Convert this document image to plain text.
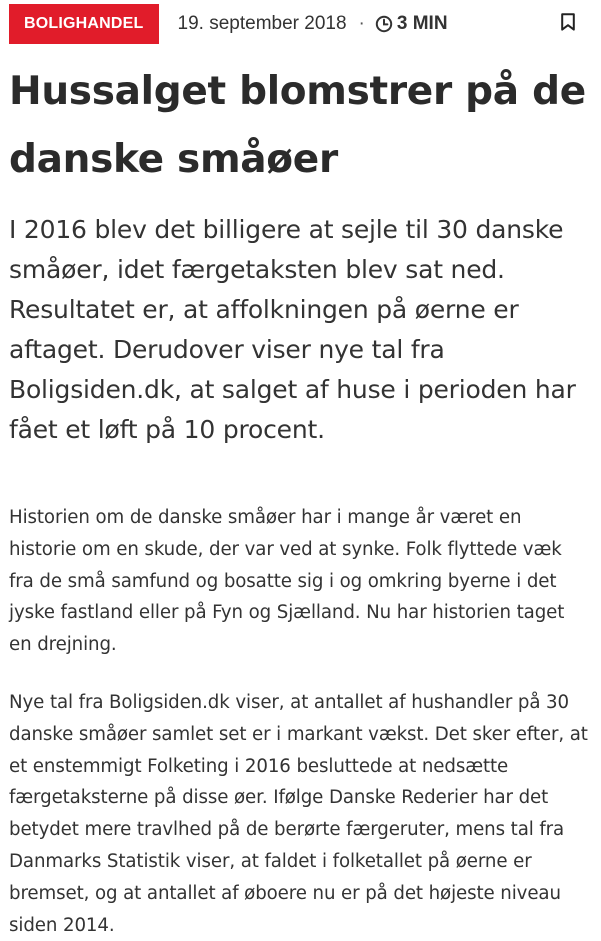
BOLIGHANDEL	19. september 2018 · 3 MIN
Hussalget blomstrer på de danske småøer

I 2016 blev det billigere at sejle til 30 danske småøer, idet færgetaksten blev sat ned. Resultatet er, at affolkningen på øerne er aftaget. Derudover viser nye tal fra Boligsiden.dk, at salget af huse i perioden har fået et løft på 10 procent.

Historien om de danske småøer har i mange år været en historie om en skude, der var ved at synke. Folk flyttede væk fra de små samfund og bosatte sig i og omkring byerne i det jyske fastland eller på Fyn og Sjælland. Nu har historien taget en drejning.

Nye tal fra Boligsiden.dk viser, at antallet af hushandler på 30 danske småøer samlet set er i markant vækst. Det sker efter, at et enstemmigt Folketing i 2016 besluttede at nedsætte færgetaksterne på disse øer. Ifølge Danske Rederier har det betydet mere travlhed på de berørte færgeruter, mens tal fra Danmarks Statistik viser, at faldet i folketallet på øerne er bremset, og at antallet af øboere nu er på det højeste niveau siden 2014.
